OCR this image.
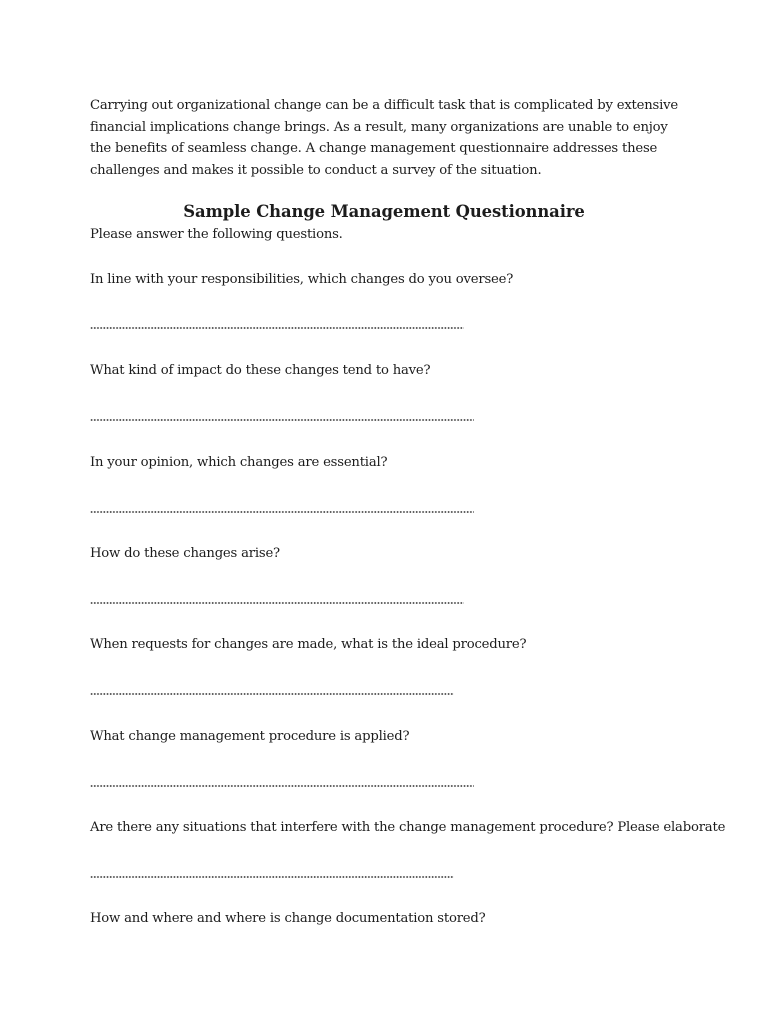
Carrying out organizational change can be a difficult task that is complicated by extensive financial implications change brings. As a result, many organizations are unable to enjoy the benefits of seamless change. A change management questionnaire addresses these challenges and makes it possible to conduct a survey of the situation.

Sample Change Management Questionnaire

Please answer the following questions.

In line with your responsibilities, which changes do you oversee?

What kind of impact do these changes tend to have?

In your opinion, which changes are essential?

How do these changes arise?

When requests for changes are made, what is the ideal procedure?

What change management procedure is applied?

Are there any situations that interfere with the change management procedure? Please elaborate

How and where and where is change documentation stored?
